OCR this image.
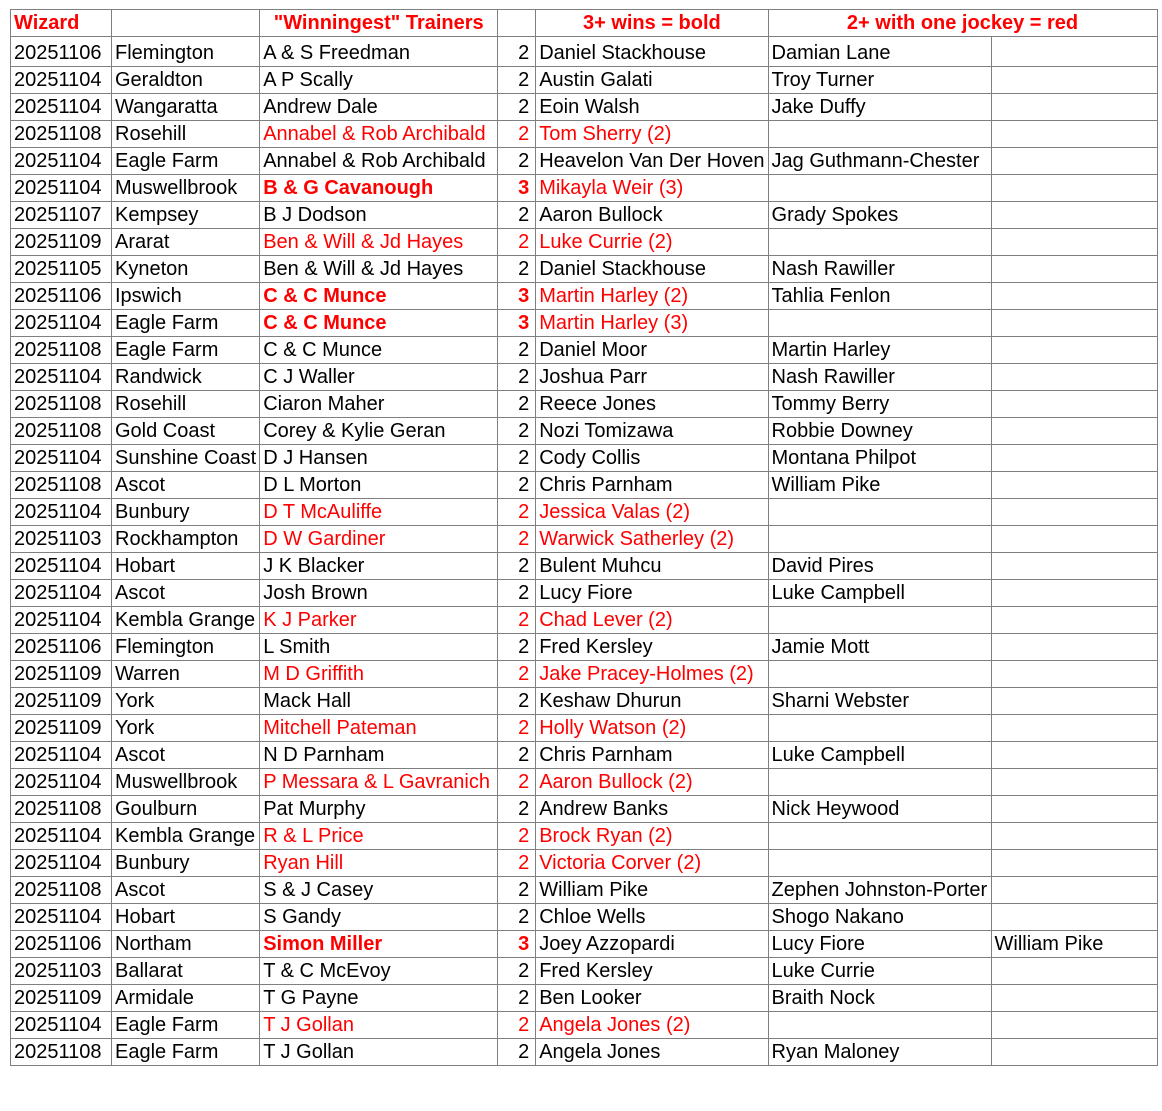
Wizard		"Winningest" Trainers		3+ wins = bold	2+ with one jockey = red	
20251106	Flemington	A & S Freedman	2	Daniel Stackhouse	Damian Lane	
20251104	Geraldton	A P Scally	2	Austin Galati	Troy Turner	
20251104	Wangaratta	Andrew Dale	2	Eoin Walsh	Jake Duffy	
20251108	Rosehill	Annabel & Rob Archibald	2	Tom Sherry (2)		
20251104	Eagle Farm	Annabel & Rob Archibald	2	Heavelon Van Der Hoven	Jag Guthmann-Chester	
20251104	Muswellbrook	B & G Cavanough	3	Mikayla Weir (3)		
20251107	Kempsey	B J Dodson	2	Aaron Bullock	Grady Spokes	
20251109	Ararat	Ben & Will & Jd Hayes	2	Luke Currie (2)		
20251105	Kyneton	Ben & Will & Jd Hayes	2	Daniel Stackhouse	Nash Rawiller	
20251106	Ipswich	C & C Munce	3	Martin Harley (2)	Tahlia Fenlon	
20251104	Eagle Farm	C & C Munce	3	Martin Harley (3)		
20251108	Eagle Farm	C & C Munce	2	Daniel Moor	Martin Harley	
20251104	Randwick	C J Waller	2	Joshua Parr	Nash Rawiller	
20251108	Rosehill	Ciaron Maher	2	Reece Jones	Tommy Berry	
20251108	Gold Coast	Corey & Kylie Geran	2	Nozi Tomizawa	Robbie Downey	
20251104	Sunshine Coast	D J Hansen	2	Cody Collis	Montana Philpot	
20251108	Ascot	D L Morton	2	Chris Parnham	William Pike	
20251104	Bunbury	D T McAuliffe	2	Jessica Valas (2)		
20251103	Rockhampton	D W Gardiner	2	Warwick Satherley (2)		
20251104	Hobart	J K Blacker	2	Bulent Muhcu	David Pires	
20251104	Ascot	Josh Brown	2	Lucy Fiore	Luke Campbell	
20251104	Kembla Grange	K J Parker	2	Chad Lever (2)		
20251106	Flemington	L Smith	2	Fred Kersley	Jamie Mott	
20251109	Warren	M D Griffith	2	Jake Pracey-Holmes (2)		
20251109	York	Mack Hall	2	Keshaw Dhurun	Sharni Webster	
20251109	York	Mitchell Pateman	2	Holly Watson (2)		
20251104	Ascot	N D Parnham	2	Chris Parnham	Luke Campbell	
20251104	Muswellbrook	P Messara & L Gavranich	2	Aaron Bullock (2)		
20251108	Goulburn	Pat Murphy	2	Andrew Banks	Nick Heywood	
20251104	Kembla Grange	R & L Price	2	Brock Ryan (2)		
20251104	Bunbury	Ryan Hill	2	Victoria Corver (2)		
20251108	Ascot	S & J Casey	2	William Pike	Zephen Johnston-Porter	
20251104	Hobart	S Gandy	2	Chloe Wells	Shogo Nakano	
20251106	Northam	Simon Miller	3	Joey Azzopardi	Lucy Fiore	William Pike
20251103	Ballarat	T & C McEvoy	2	Fred Kersley	Luke Currie	
20251109	Armidale	T G Payne	2	Ben Looker	Braith Nock	
20251104	Eagle Farm	T J Gollan	2	Angela Jones (2)		
20251108	Eagle Farm	T J Gollan	2	Angela Jones	Ryan Maloney	
